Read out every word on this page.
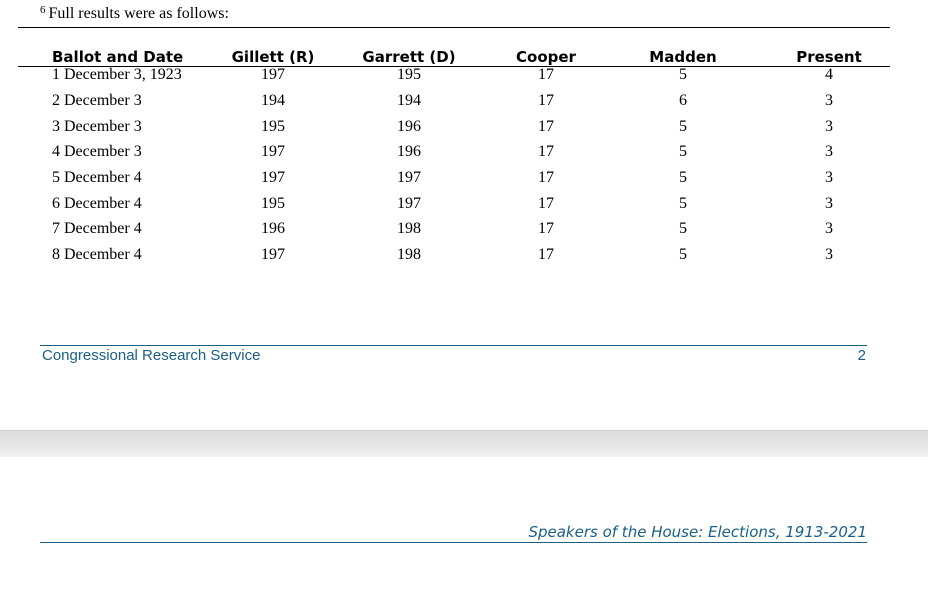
$^6$ Full results were as follows:
Ballot and Date	Gillett (R)	Garrett (D)	Cooper	Madden	Present
1 December 3, 1923	197	195	17	5	4
2 December 3	194	194	17	6	3
3 December 3	195	196	17	5	3
4 December 3	197	196	17	5	3
5 December 4	197	197	17	5	3
6 December 4	195	197	17	5	3
7 December 4	196	198	17	5	3
8 December 4	197	198	17	5	3
Congressional Research Service	2
Speakers of the House: Elections, 1913-2021
